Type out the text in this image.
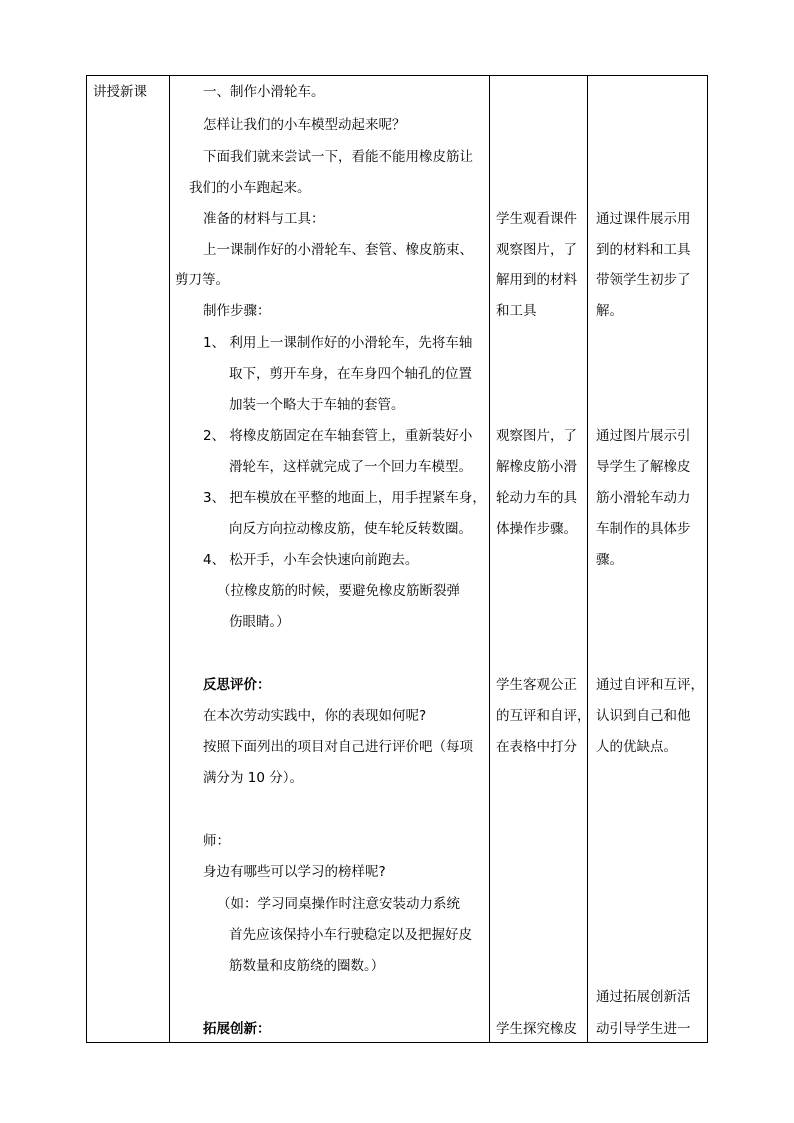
讲授新课	一、制作小滑轮车。
怎样让我们的小车模型动起来呢？
下面我们就来尝试一下，看能不能用橡皮筋让
我们的小车跑起来。
准备的材料与工具：
上一课制作好的小滑轮车、套管、橡皮筋束、
剪刀等。
制作步骤：
1、 利用上一课制作好的小滑轮车，先将车轴
取下，剪开车身，在车身四个轴孔的位置
加装一个略大于车轴的套管。
2、 将橡皮筋固定在车轴套管上，重新装好小
滑轮车，这样就完成了一个回力车模型。
3、 把车模放在平整的地面上，用手捏紧车身，
向反方向拉动橡皮筋，使车轮反转数圈。
4、 松开手，小车会快速向前跑去。
（拉橡皮筋的时候，要避免橡皮筋断裂弹
伤眼睛。）
反思评价：
在本次劳动实践中，你的表现如何呢?
按照下面列出的项目对自己进行评价吧（每项
满分为 10 分）。
师：
身边有哪些可以学习的榜样呢?
（如：学习同桌操作时注意安装动力系统
首先应该保持小车行驶稳定以及把握好皮
筋数量和皮筋绕的圈数。）
拓展创新：
学生观看课件
观察图片，了
解用到的材料
和工具
观察图片，了
解橡皮筋小滑
轮动力车的具
体操作步骤。
学生客观公正
的互评和自评，
在表格中打分
学生探究橡皮
通过课件展示用
到的材料和工具
带领学生初步了
解。
通过图片展示引
导学生了解橡皮
筋小滑轮车动力
车制作的具体步
骤。
通过自评和互评，
认识到自己和他
人的优缺点。
通过拓展创新活
动引导学生进一
